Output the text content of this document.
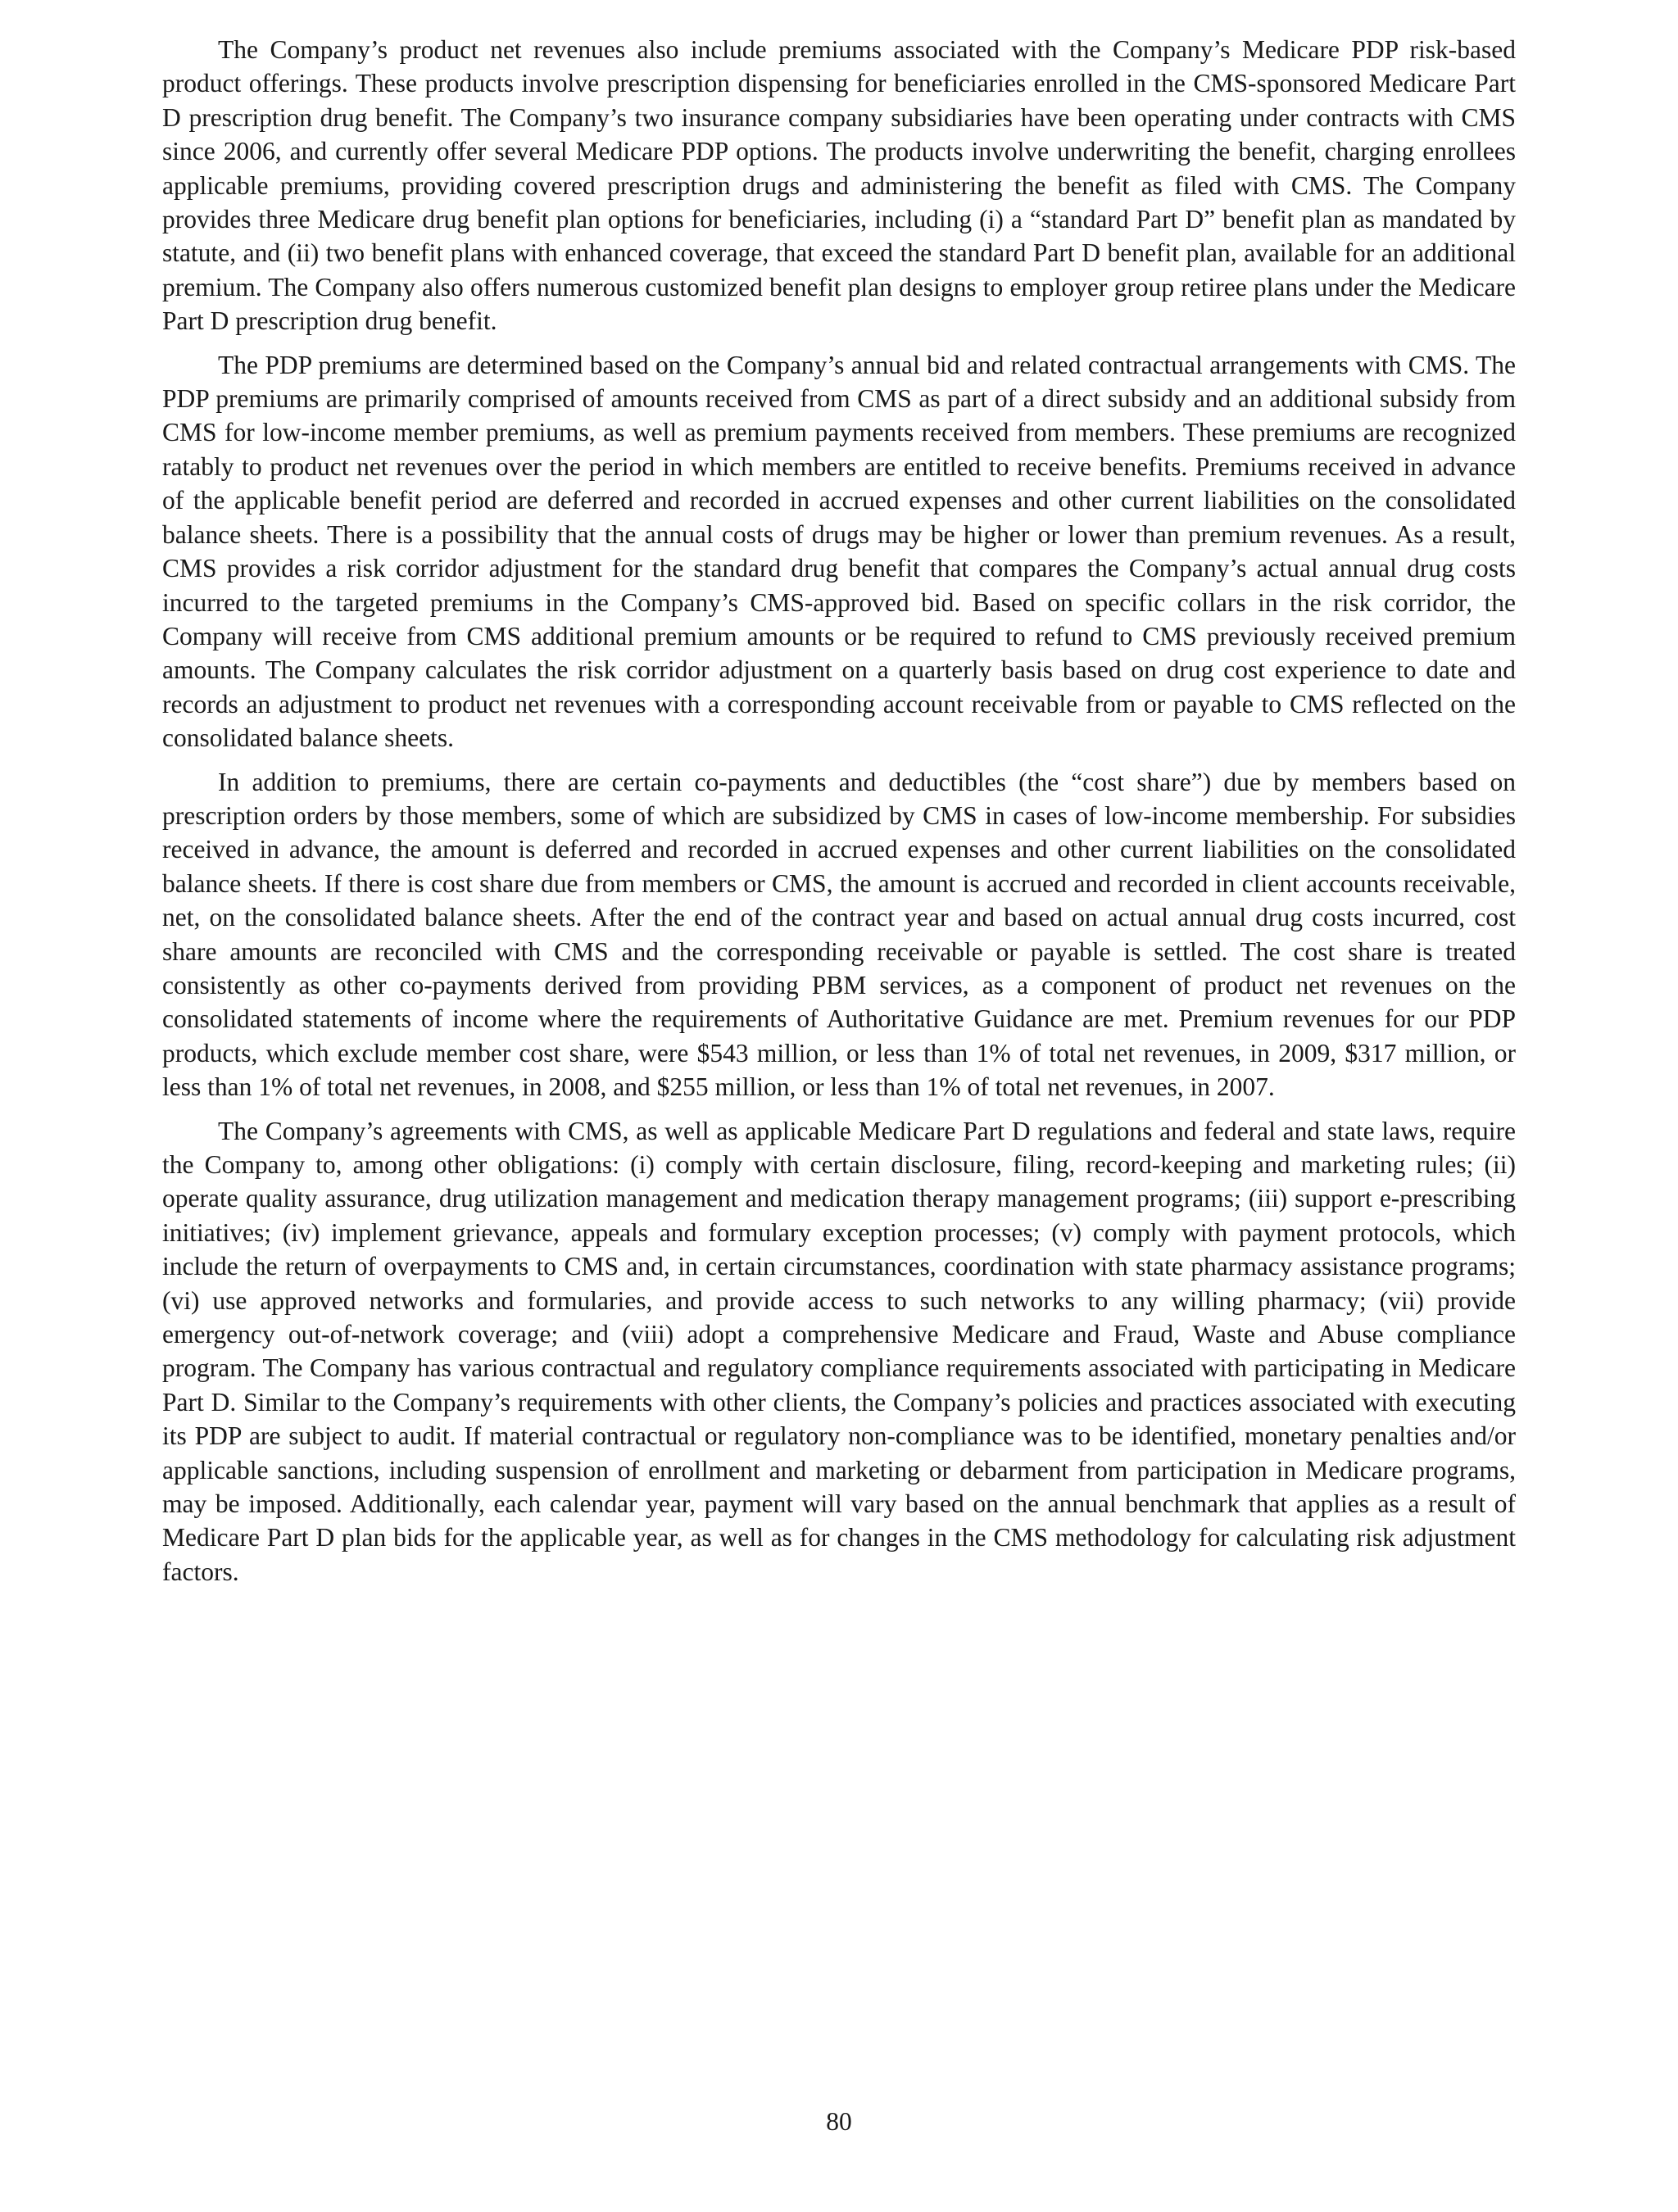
The Company’s product net revenues also include premiums associated with the Company’s Medicare PDP risk-based product offerings. These products involve prescription dispensing for beneficiaries enrolled in the CMS-sponsored Medicare Part D prescription drug benefit. The Company’s two insurance company subsidiaries have been operating under contracts with CMS since 2006, and currently offer several Medicare PDP options. The products involve underwriting the benefit, charging enrollees applicable premiums, providing covered prescription drugs and administering the benefit as filed with CMS. The Company provides three Medicare drug benefit plan options for beneficiaries, including (i) a “standard Part D” benefit plan as mandated by statute, and (ii) two benefit plans with enhanced coverage, that exceed the standard Part D benefit plan, available for an additional premium. The Company also offers numerous customized benefit plan designs to employer group retiree plans under the Medicare Part D prescription drug benefit.

The PDP premiums are determined based on the Company’s annual bid and related contractual arrangements with CMS. The PDP premiums are primarily comprised of amounts received from CMS as part of a direct subsidy and an additional subsidy from CMS for low-income member premiums, as well as premium payments received from members. These premiums are recognized ratably to product net revenues over the period in which members are entitled to receive benefits. Premiums received in advance of the applicable benefit period are deferred and recorded in accrued expenses and other current liabilities on the consolidated balance sheets. There is a possibility that the annual costs of drugs may be higher or lower than premium revenues. As a result, CMS provides a risk corridor adjustment for the standard drug benefit that compares the Company’s actual annual drug costs incurred to the targeted premiums in the Company’s CMS-approved bid. Based on specific collars in the risk corridor, the Company will receive from CMS additional premium amounts or be required to refund to CMS previously received premium amounts. The Company calculates the risk corridor adjustment on a quarterly basis based on drug cost experience to date and records an adjustment to product net revenues with a corresponding account receivable from or payable to CMS reflected on the consolidated balance sheets.

In addition to premiums, there are certain co-payments and deductibles (the “cost share”) due by members based on prescription orders by those members, some of which are subsidized by CMS in cases of low-income membership. For subsidies received in advance, the amount is deferred and recorded in accrued expenses and other current liabilities on the consolidated balance sheets. If there is cost share due from members or CMS, the amount is accrued and recorded in client accounts receivable, net, on the consolidated balance sheets. After the end of the contract year and based on actual annual drug costs incurred, cost share amounts are reconciled with CMS and the corresponding receivable or payable is settled. The cost share is treated consistently as other co-payments derived from providing PBM services, as a component of product net revenues on the consolidated statements of income where the requirements of Authoritative Guidance are met. Premium revenues for our PDP products, which exclude member cost share, were $543 million, or less than 1% of total net revenues, in 2009, $317 million, or less than 1% of total net revenues, in 2008, and $255 million, or less than 1% of total net revenues, in 2007.

The Company’s agreements with CMS, as well as applicable Medicare Part D regulations and federal and state laws, require the Company to, among other obligations: (i) comply with certain disclosure, filing, record-keeping and marketing rules; (ii) operate quality assurance, drug utilization management and medication therapy management programs; (iii) support e-prescribing initiatives; (iv) implement grievance, appeals and formulary exception processes; (v) comply with payment protocols, which include the return of overpayments to CMS and, in certain circumstances, coordination with state pharmacy assistance programs; (vi) use approved networks and formularies, and provide access to such networks to any willing pharmacy; (vii) provide emergency out-of-network coverage; and (viii) adopt a comprehensive Medicare and Fraud, Waste and Abuse compliance program. The Company has various contractual and regulatory compliance requirements associated with participating in Medicare Part D. Similar to the Company’s requirements with other clients, the Company’s policies and practices associated with executing its PDP are subject to audit. If material contractual or regulatory non-compliance was to be identified, monetary penalties and/or applicable sanctions, including suspension of enrollment and marketing or debarment from participation in Medicare programs, may be imposed. Additionally, each calendar year, payment will vary based on the annual benchmark that applies as a result of Medicare Part D plan bids for the applicable year, as well as for changes in the CMS methodology for calculating risk adjustment factors.

80
